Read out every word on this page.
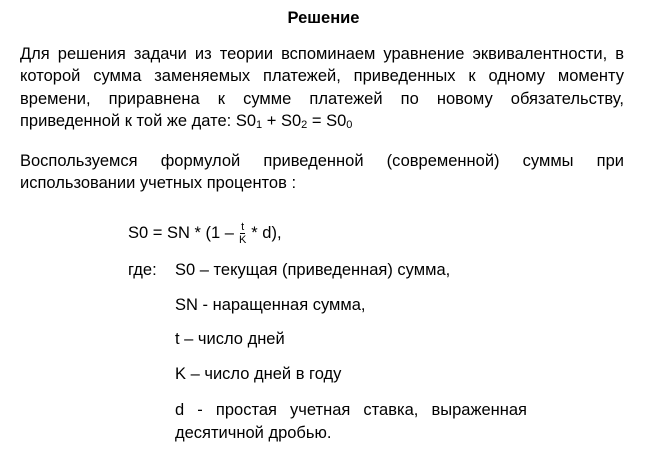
Решение
Для решения задачи из теории вспоминаем уравнение эквивалентности, в которой сумма заменяемых платежей, приведенных к одному моменту времени, приравнена к сумме платежей по новому обязательству, приведенной к той же дате: $S0_1 + S0_2 = S0_0$
Воспользуемся формулой приведенной (современной) суммы при использовании учетных процентов :
S0 = SN * $(1 - \frac{t}{K} * d)$,
где: S0 – текущая (приведенная) сумма,
SN - наращенная сумма,
t – число дней
K – число дней в году
d - простая учетная ставка, выраженная десятичной дробью.
